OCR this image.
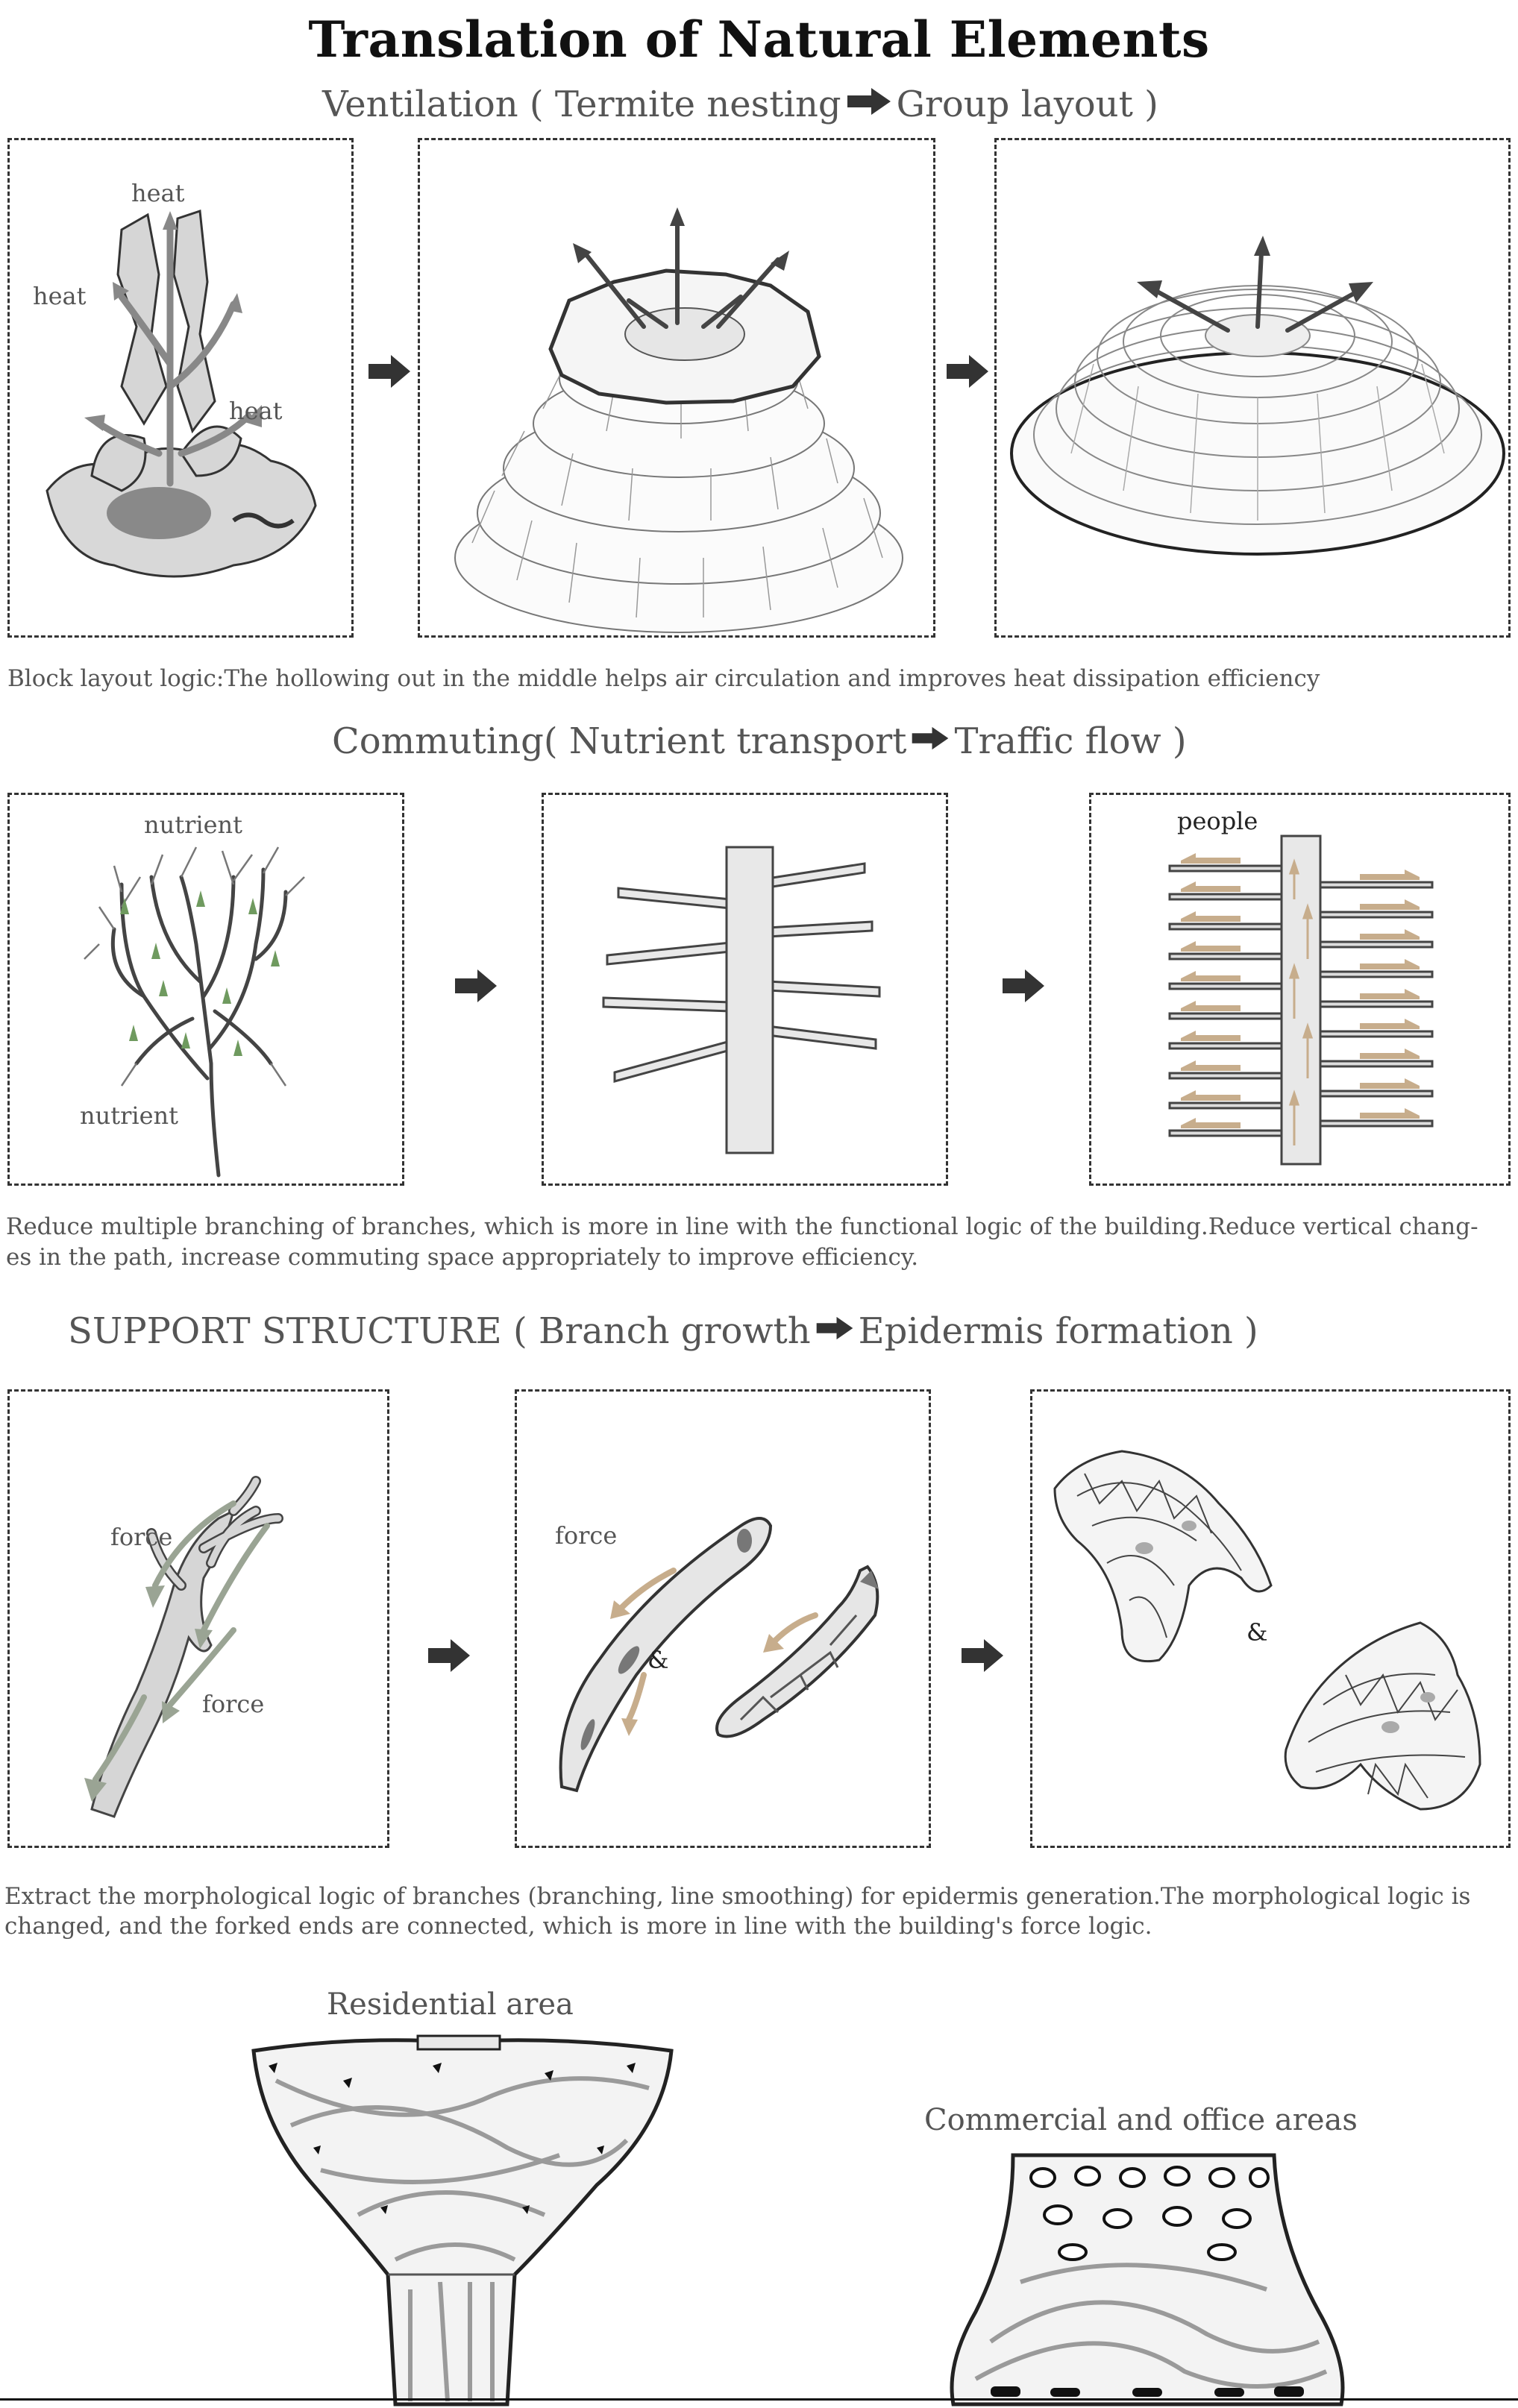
Translation of Natural Elements
Ventilation ( Termite nesting Group layout )
heat
heat
heat
Block layout logic:The hollowing out in the middle helps air circulation and improves heat dissipation efficiency
Commuting( Nutrient transport Traffic flow )
nutrient
nutrient
people
Reduce multiple branching of branches, which is more in line with the functional logic of the building.Reduce vertical chang-
es in the path, increase commuting space appropriately to improve efficiency.
SUPPORT STRUCTURE ( Branch growth Epidermis formation )
force
force
force
&
&
Extract the morphological logic of branches (branching, line smoothing) for epidermis generation.The morphological logic is
changed, and the forked ends are connected, which is more in line with the building's force logic.
Residential area
Commercial and office areas
